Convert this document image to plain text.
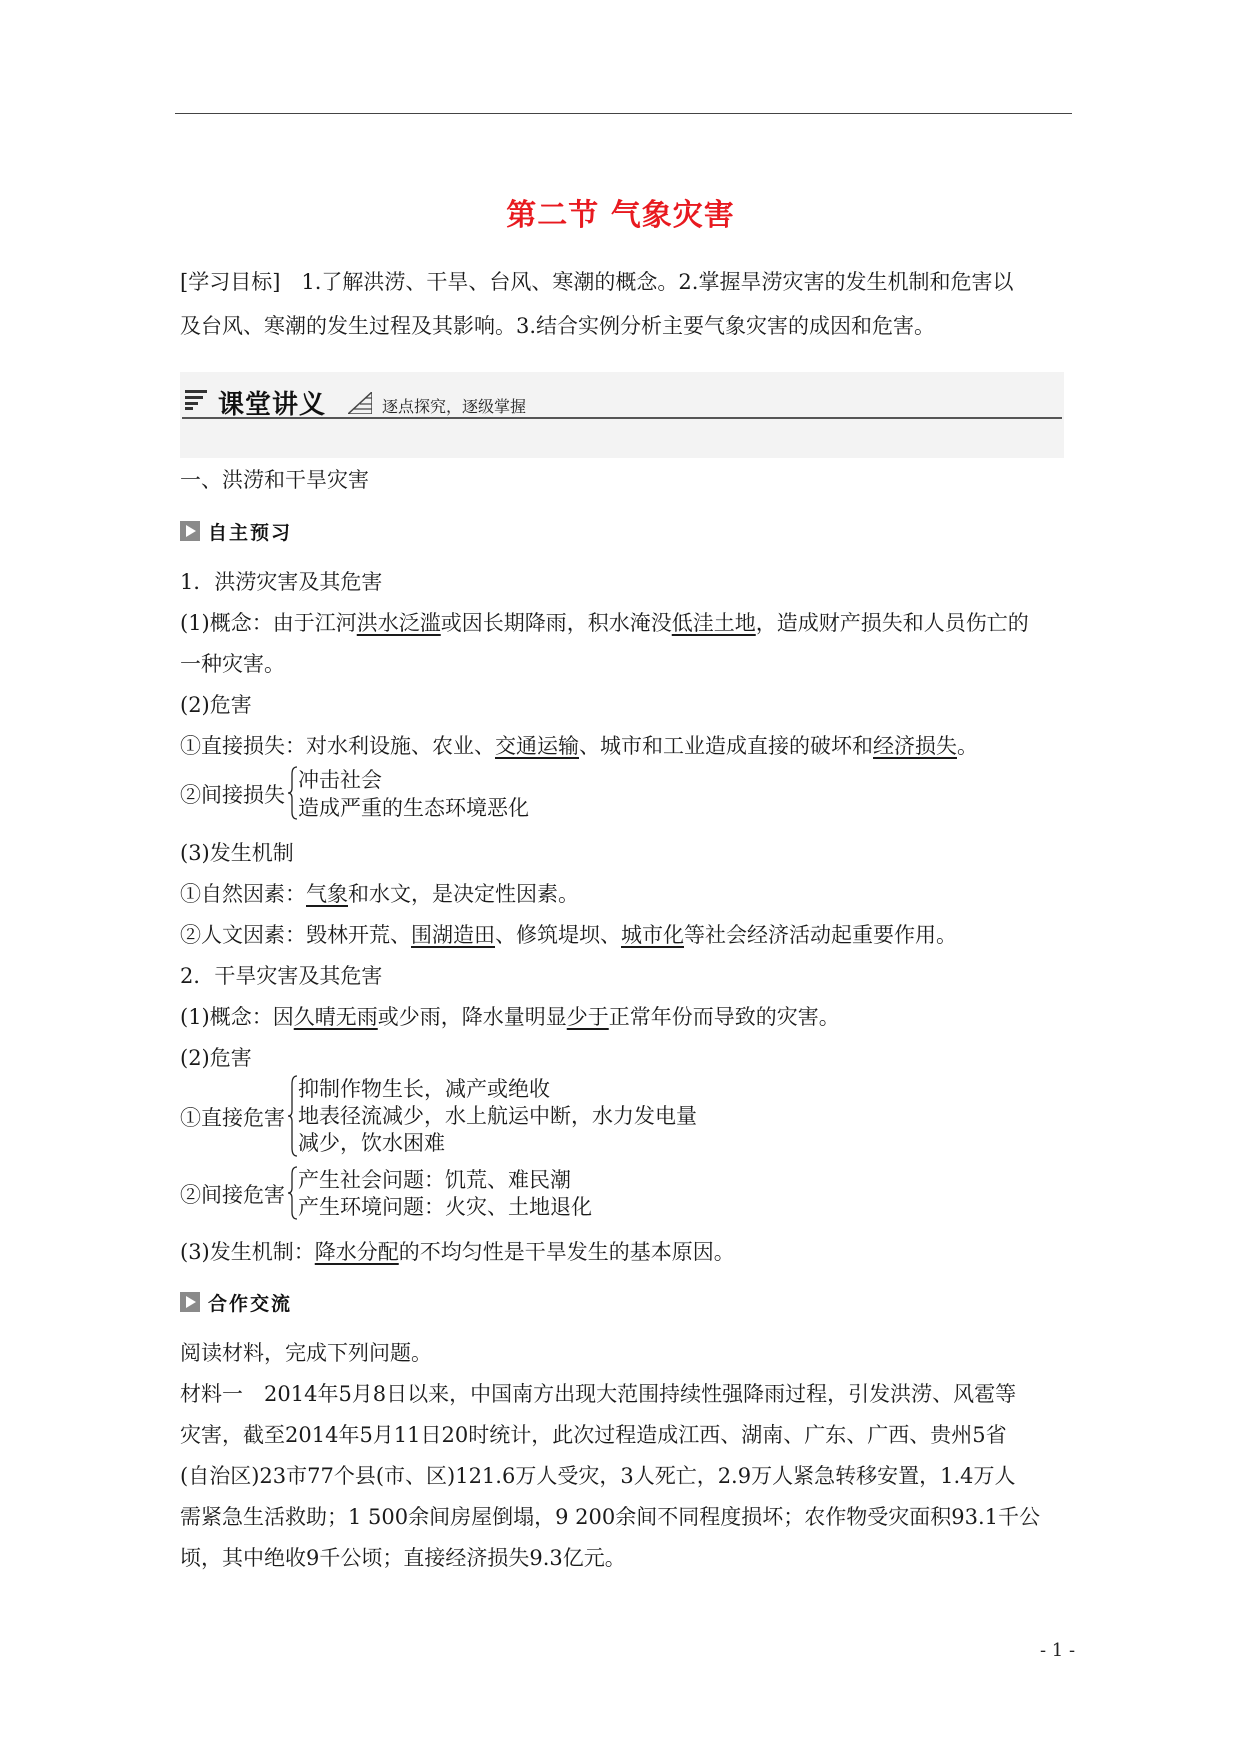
第二节 气象灾害
[学习目标]　1.了解洪涝、干旱、台风、寒潮的概念。2.掌握旱涝灾害的发生机制和危害以
及台风、寒潮的发生过程及其影响。3.结合实例分析主要气象灾害的成因和危害。
课堂讲义	逐点探究，逐级掌握
一、洪涝和干旱灾害
自主预习
1．洪涝灾害及其危害
(1)概念：由于江河洪水泛滥或因长期降雨，积水淹没低洼土地，造成财产损失和人员伤亡的
一种灾害。
(2)危害
①直接损失：对水利设施、农业、交通运输、城市和工业造成直接的破坏和经济损失。
②间接损失
冲击社会
造成严重的生态环境恶化
(3)发生机制
①自然因素：气象和水文，是决定性因素。
②人文因素：毁林开荒、围湖造田、修筑堤坝、城市化等社会经济活动起重要作用。
2．干旱灾害及其危害
(1)概念：因久晴无雨或少雨，降水量明显少于正常年份而导致的灾害。
(2)危害
①直接危害
抑制作物生长，减产或绝收
地表径流减少，水上航运中断，水力发电量
减少，饮水困难
②间接危害
产生社会问题：饥荒、难民潮
产生环境问题：火灾、土地退化
(3)发生机制：降水分配的不均匀性是干旱发生的基本原因。
合作交流
阅读材料，完成下列问题。
材料一　2014年5月8日以来，中国南方出现大范围持续性强降雨过程，引发洪涝、风雹等
灾害，截至2014年5月11日20时统计，此次过程造成江西、湖南、广东、广西、贵州5省
(自治区)23市77个县(市、区)121.6万人受灾，3人死亡，2.9万人紧急转移安置，1.4万人
需紧急生活救助；1 500余间房屋倒塌，9 200余间不同程度损坏；农作物受灾面积93.1千公
顷，其中绝收9千公顷；直接经济损失9.3亿元。
- 1 -
